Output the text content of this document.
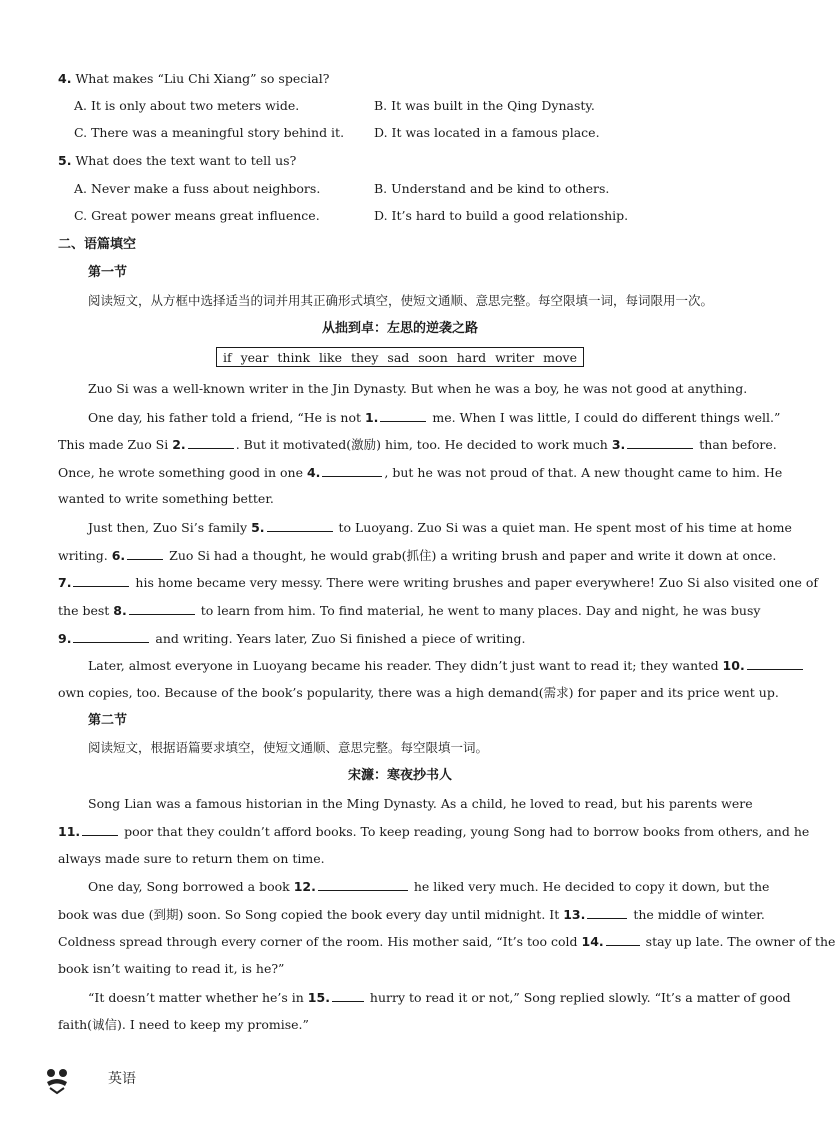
4. What makes “Liu Chi Xiang” so special?
A. It is only about two meters wide.	B. It was built in the Qing Dynasty.
C. There was a meaningful story behind it. D. It was located in a famous place.
5. What does the text want to tell us?
A. Never make a fuss about neighbors.	B. Understand and be kind to others.
C. Great power means great influence.	D. It’s hard to build a good relationship.
二、语篇填空
第一节
阅读短文，从方框中选择适当的词并用其正确形式填空，使短文通顺、意思完整。每空限填一词，每词限用一次。
从拙到卓：左思的逆袭之路
if year think like they sad soon hard writer move
Zuo Si was a well-known writer in the Jin Dynasty. But when he was a boy, he was not good at anything.
One day, his father told a friend, “He is not 1.	me. When I was little, I could do different things well.”
This made Zuo Si 2.	. But it motivated(激励) him, too. He decided to work much 3.	than before.
Once, he wrote something good in one 4.	, but he was not proud of that. A new thought came to him. He
wanted to write something better.
Just then, Zuo Si’s family 5.	to Luoyang. Zuo Si was a quiet man. He spent most of his time at home
writing. 6.	Zuo Si had a thought, he would grab(抓住) a writing brush and paper and write it down at once.
7.	his home became very messy. There were writing brushes and paper everywhere! Zuo Si also visited one of
the best 8.	to learn from him. To find material, he went to many places. Day and night, he was busy
9.	and writing. Years later, Zuo Si finished a piece of writing.
Later, almost everyone in Luoyang became his reader. They didn’t just want to read it; they wanted 10.
own copies, too. Because of the book’s popularity, there was a high demand(需求) for paper and its price went up.
第二节
阅读短文，根据语篇要求填空，使短文通顺、意思完整。每空限填一词。
宋濂：寒夜抄书人
Song Lian was a famous historian in the Ming Dynasty. As a child, he loved to read, but his parents were
11.	poor that they couldn’t afford books. To keep reading, young Song had to borrow books from others, and he
always made sure to return them on time.
One day, Song borrowed a book 12.	he liked very much. He decided to copy it down, but the
book was due (到期) soon. So Song copied the book every day until midnight. It 13.	the middle of winter.
Coldness spread through every corner of the room. His mother said, “It’s too cold 14.	stay up late. The owner of the
book isn’t waiting to read it, is he?”
“It doesn’t matter whether he’s in 15.	hurry to read it or not,” Song replied slowly. “It’s a matter of good
faith(诚信). I need to keep my promise.”
英语
